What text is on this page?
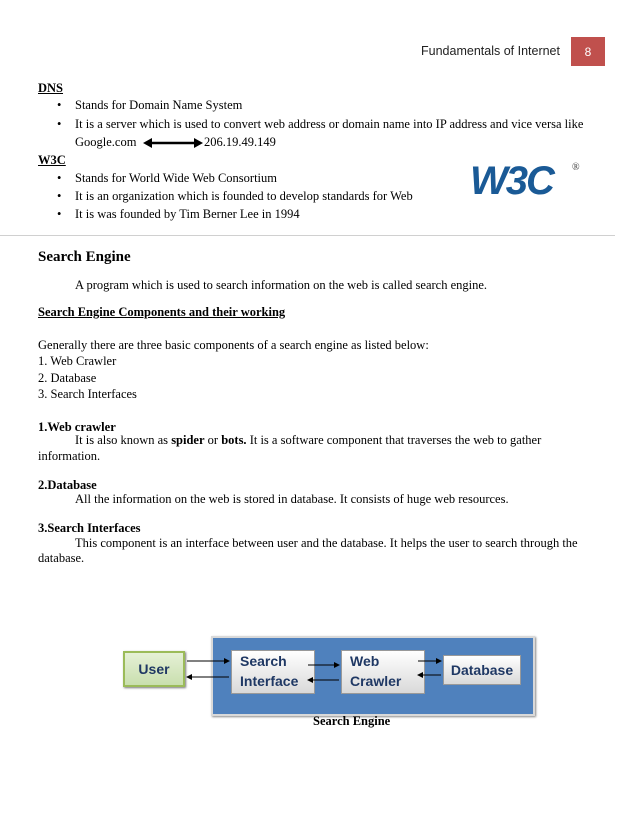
Fundamentals of Internet	8
DNS
• Stands for Domain Name System
• It is a server which is used to convert web address or domain name into IP address and vice versa like
Google.com	206.19.49.149
W3C
• Stands for World Wide Web Consortium
• It is an organization which is founded to develop standards for Web
• It is was founded by Tim Berner Lee in 1994
W3C ®
Search Engine
A program which is used to search information on the web is called search engine.
Search Engine Components and their working
Generally there are three basic components of a search engine as listed below:
1. Web Crawler
2. Database
3. Search Interfaces
1.Web crawler
It is also known as spider or bots. It is a software component that traverses the web to gather
information.
2.Database
All the information on the web is stored in database. It consists of huge web resources.
3.Search Interfaces
This component is an interface between user and the database. It helps the user to search through the
database.
User	Search
Interface
Web
Crawler
Database
Search Engine
